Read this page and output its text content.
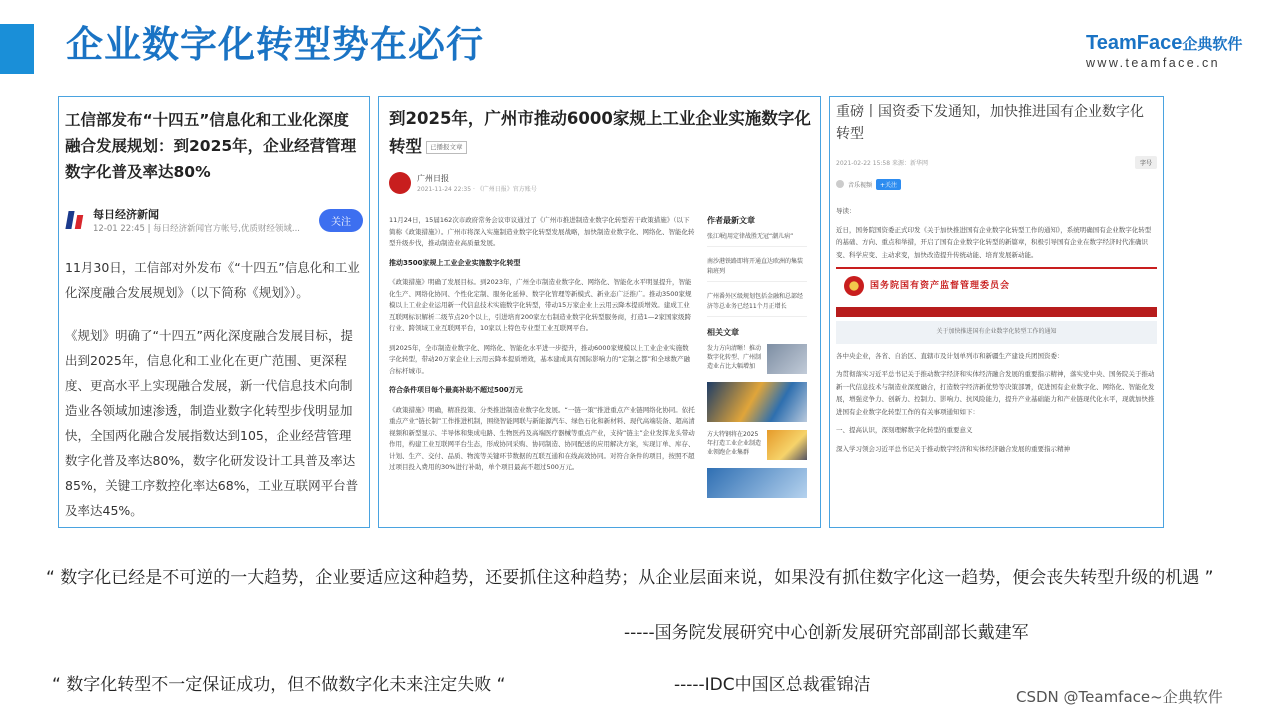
企业数字化转型势在必行	TeamFace企典软件
www.teamface.cn
工信部发布“十四五”信息化和工业化深度融合发展规划：到2025年，企业经营管理数字化普及率达80%
每日经济新闻
12-01 22:45 | 每日经济新闻官方帐号,优质财经领域...
关注

11月30日，工信部对外发布《“十四五”信息化和工业化深度融合发展规划》（以下简称《规划》）。

《规划》明确了“十四五”两化深度融合发展目标，提出到2025年，信息化和工业化在更广范围、更深程度、更高水平上实现融合发展，新一代信息技术向制造业各领域加速渗透，制造业数字化转型步伐明显加快，全国两化融合发展指数达到105，企业经营管理数字化普及率达80%，数字化研发设计工具普及率达85%，关键工序数控化率达68%，工业互联网平台普及率达45%。

到2025年，广州市推动6000家规上工业企业实施数字化转型 已播报文章
广州日报
2021-11-24 22:35 · 《广州日报》官方账号

11月24日，15届162次市政府常务会议审议通过了《广州市推进制造业数字化转型若干政策措施》（以下简称《政策措施》）。广州市将深入实施制造业数字化转型发展战略，加快制造业数字化、网络化、智能化转型升级步伐，推动制造业高质量发展。

推动3500家规上工业企业实施数字化转型

《政策措施》明确了发展目标。到2023年，广州全市制造业数字化、网络化、智能化水平明显提升，智能化生产、网络化协同、个性化定制、服务化延伸、数字化管理等新模式、新业态广泛推广。推动3500家规模以上工业企业运用新一代信息技术实施数字化转型，带动15万家企业上云用云降本提质增效。建成工业互联网标识解析二级节点20个以上，引进培育200家左右制造业数字化转型服务商，打造1—2家国家级跨行业、跨领域工业互联网平台，10家以上特色专业型工业互联网平台。

到2025年，全市制造业数字化、网络化、智能化水平进一步提升，推动6000家规模以上工业企业实施数字化转型，带动20万家企业上云用云降本提质增效，基本建成具有国际影响力的“定制之都”和全球数产融合标杆城市。

符合条件项目每个最高补助不超过500万元

《政策措施》明确，精准投策、分类推进制造业数字化发展。“一链一策”推进重点产业链网络化协同。依托重点产业“链长制”工作推进机制，围绕智能网联与新能源汽车、绿色石化和新材料、现代高端装备、超高清视频和新型显示、半导体和集成电路、生物医药及高端医疗器械等重点产业，支持“链主”企业发挥龙头带动作用，构建工业互联网平台生态，形成协同采购、协同制造、协同配送的应用解决方案，实现订单、库存、计划、生产、交付、品质、物流等关键环节数据的互联互通和在线高效协同。对符合条件的项目，按照不超过项目投入费用的30%进行补助，单个项目最高不超过500万元。

作者最新文章
张江岷|用定律战胜无冠“潮儿病”
南沙港铁路即将开通直达欧洲的集装箱班列
广州番外区级规划包括金融和总部经济等总业务已经11个月正增长
相关文章
发力方向清晰！推动数字化转型、广州制造业占比大幅增加
方大特钢将在2025年打造工业企业制造业领跑企业集群
重磅丨国资委下发通知，加快推进国有企业数字化转型
2021-02-22 15:58 来源：新华网	字号
音乐视频	+关注

导读：

近日，国务院国资委正式印发《关于加快推进国有企业数字化转型工作的通知》，系统明确国有企业数字化转型的基础、方向、重点和举措，开启了国有企业数字化转型的新篇章，积极引导国有企业在数字经济时代准确识变、科学应变、主动求变，加快改造提升传统动能、培育发展新动能。

国务院国有资产监督管理委员会
关于加快推进国有企业数字化转型工作的通知

各中央企业，各省、自治区、直辖市及计划单列市和新疆生产建设兵团国资委：

为贯彻落实习近平总书记关于推动数字经济和实体经济融合发展的重要指示精神，落实党中央、国务院关于推动新一代信息技术与制造业深度融合，打造数字经济新优势等决策部署，促进国有企业数字化、网络化、智能化发展，增强竞争力、创新力、控制力、影响力、抗风险能力，提升产业基础能力和产业链现代化水平，现就加快推进国有企业数字化转型工作的有关事项通知如下：

一、提高认识，深刻理解数字化转型的重要意义

深入学习领会习近平总书记关于推动数字经济和实体经济融合发展的重要指示精神

“ 数字化已经是不可逆的一大趋势，企业要适应这种趋势，还要抓住这种趋势；从企业层面来说，如果没有抓住数字化这一趋势，便会丧失转型升级的机遇 ”
-----国务院发展研究中心创新发展研究部副部长戴建军
“ 数字化转型不一定保证成功，但不做数字化未来注定失败 “	-----IDC中国区总裁霍锦洁
CSDN @Teamface~企典软件
